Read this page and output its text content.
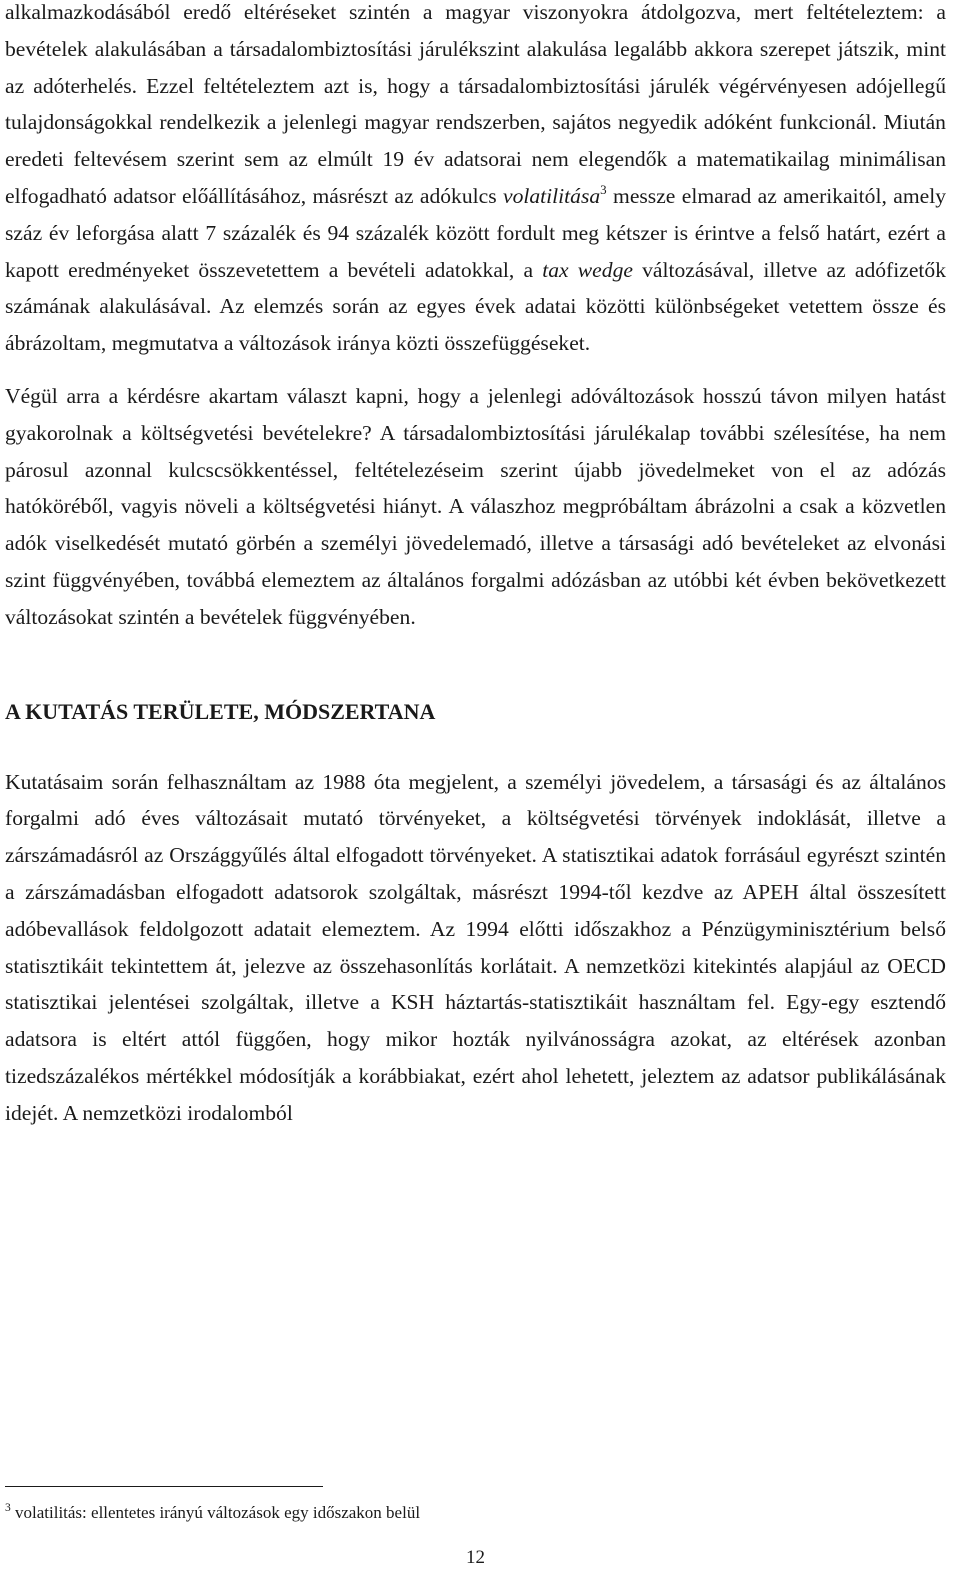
alkalmazkodásából eredő eltéréseket szintén a magyar viszonyokra átdolgozva, mert feltételeztem: a bevételek alakulásában a társadalombiztosítási járulékszint alakulása legalább akkora szerepet játszik, mint az adóterhelés. Ezzel feltételeztem azt is, hogy a társadalombiztosítási járulék végérvényesen adójellegű tulajdonságokkal rendelkezik a jelenlegi magyar rendszerben, sajátos negyedik adóként funkcionál. Miután eredeti feltevésem szerint sem az elmúlt 19 év adatsorai nem elegendők a matematikailag minimálisan elfogadható adatsor előállításához, másrészt az adókulcs volatilitása$^3$ messze elmarad az amerikaitól, amely száz év leforgása alatt 7 százalék és 94 százalék között fordult meg kétszer is érintve a felső határt, ezért a kapott eredményeket összevetettem a bevételi adatokkal, a tax wedge változásával, illetve az adófizetők számának alakulásával. Az elemzés során az egyes évek adatai közötti különbségeket vetettem össze és ábrázoltam, megmutatva a változások iránya közti összefüggéseket.

Végül arra a kérdésre akartam választ kapni, hogy a jelenlegi adóváltozások hosszú távon milyen hatást gyakorolnak a költségvetési bevételekre? A társadalombiztosítási járulékalap további szélesítése, ha nem párosul azonnal kulcscsökkentéssel, feltételezéseim szerint újabb jövedelmeket von el az adózás hatóköréből, vagyis növeli a költségvetési hiányt. A válaszhoz megpróbáltam ábrázolni a csak a közvetlen adók viselkedését mutató görbén a személyi jövedelemadó, illetve a társasági adó bevételeket az elvonási szint függvényében, továbbá elemeztem az általános forgalmi adózásban az utóbbi két évben bekövetkezett változásokat szintén a bevételek függvényében.

A KUTATÁS TERÜLETE, MÓDSZERTANA

Kutatásaim során felhasználtam az 1988 óta megjelent, a személyi jövedelem, a társasági és az általános forgalmi adó éves változásait mutató törvényeket, a költségvetési törvények indoklását, illetve a zárszámadásról az Országgyűlés által elfogadott törvényeket. A statisztikai adatok forrásául egyrészt szintén a zárszámadásban elfogadott adatsorok szolgáltak, másrészt 1994-től kezdve az APEH által összesített adóbevallások feldolgozott adatait elemeztem. Az 1994 előtti időszakhoz a Pénzügyminisztérium belső statisztikáit tekintettem át, jelezve az összehasonlítás korlátait. A nemzetközi kitekintés alapjául az OECD statisztikai jelentései szolgáltak, illetve a KSH háztartás-statisztikáit használtam fel. Egy-egy esztendő adatsora is eltért attól függően, hogy mikor hozták nyilvánosságra azokat, az eltérések azonban tizedszázalékos mértékkel módosítják a korábbiakat, ezért ahol lehetett, jeleztem az adatsor publikálásának idejét. A nemzetközi irodalomból

$^3$ volatilitás: ellentetes irányú változások egy időszakon belül
12
